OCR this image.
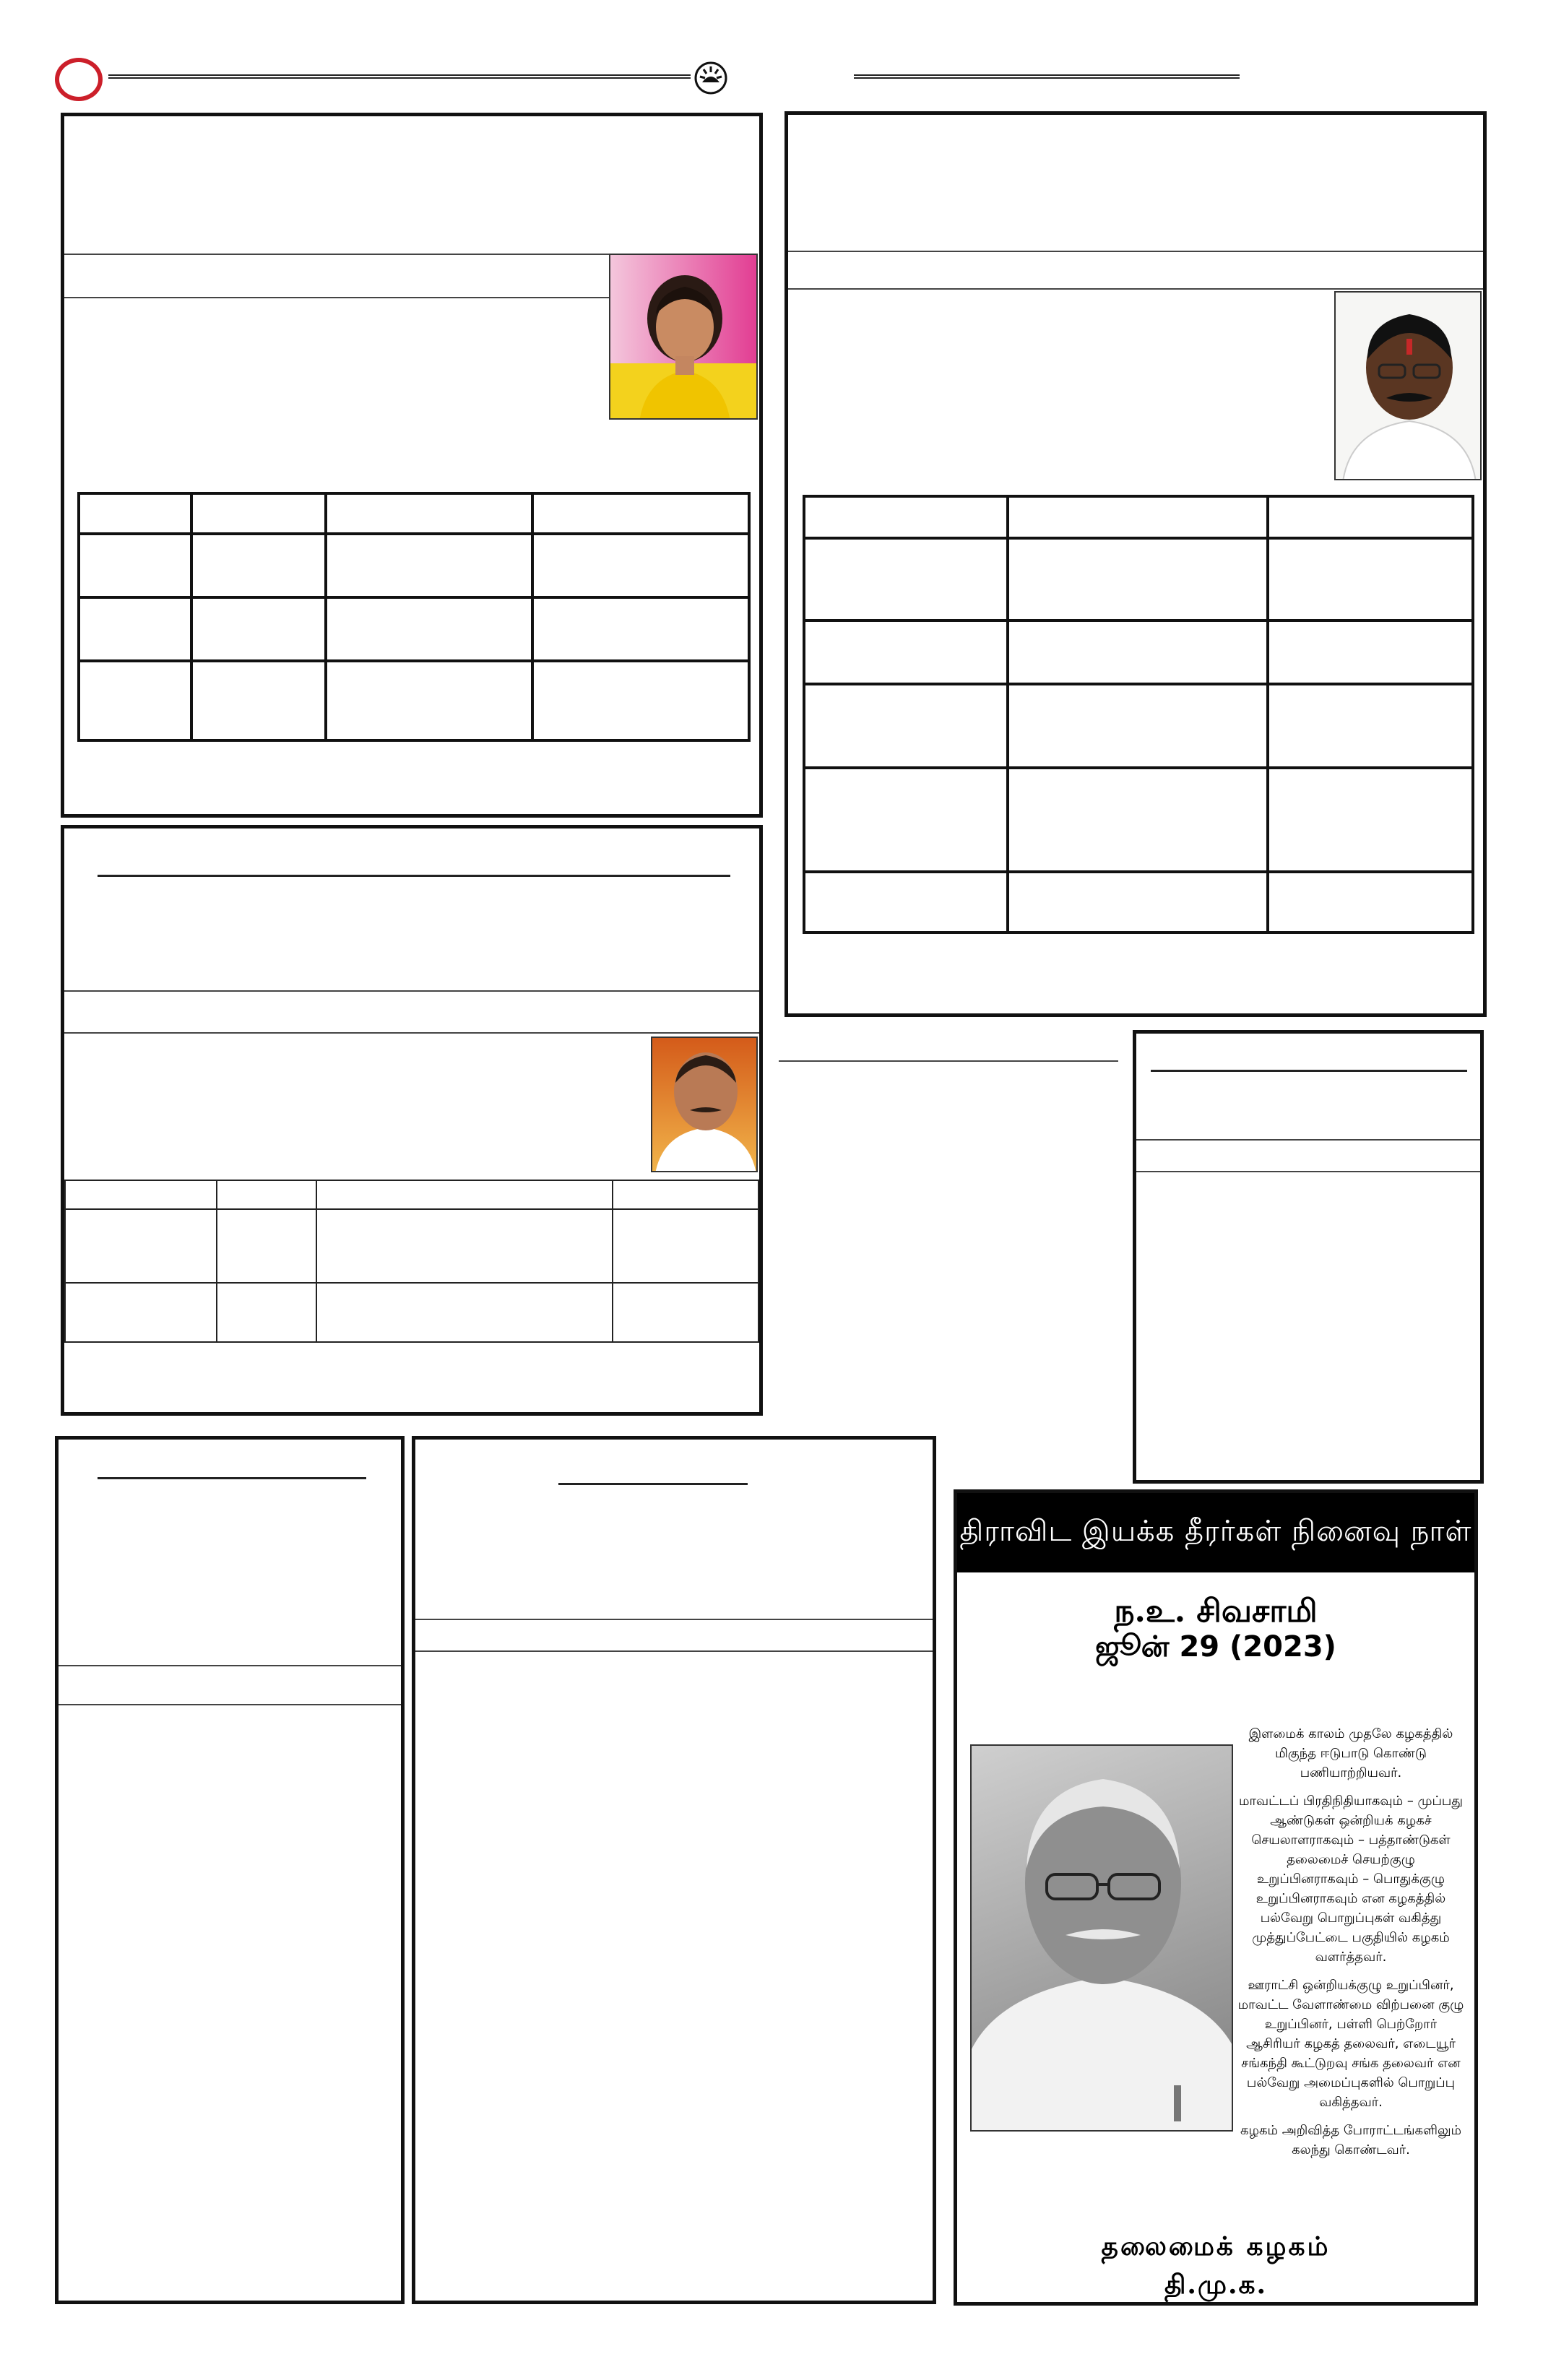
திராவிட இயக்க தீரர்கள் நினைவு நாள்
ந.உ. சிவசாமி
ஜூன் 29 (2023)

இளமைக் காலம் முதலே கழகத்தில் மிகுந்த ஈடுபாடு கொண்டு பணியாற்றியவர்.

மாவட்டப் பிரதிநிதியாகவும் – முப்பது ஆண்டுகள் ஒன்றியக் கழகச் செயலாளராகவும் – பத்தாண்டுகள் தலைமைச் செயற்குழு உறுப்பினராகவும் – பொதுக்குழு உறுப்பினராகவும் என கழகத்தில் பல்வேறு பொறுப்புகள் வகித்து முத்துப்பேட்டை பகுதியில் கழகம் வளர்த்தவர்.

ஊராட்சி ஒன்றியக்குழு உறுப்பினர், மாவட்ட வேளாண்மை விற்பனை குழு உறுப்பினர், பள்ளி பெற்றோர் ஆசிரியர் கழகத் தலைவர், எடையூர் சங்கந்தி கூட்டுறவு சங்க தலைவர் என பல்வேறு அமைப்புகளில் பொறுப்பு வகித்தவர்.

கழகம் அறிவித்த போராட்டங்களிலும் கலந்து கொண்டவர்.

தலைமைக் கழகம்
தி.மு.க.
